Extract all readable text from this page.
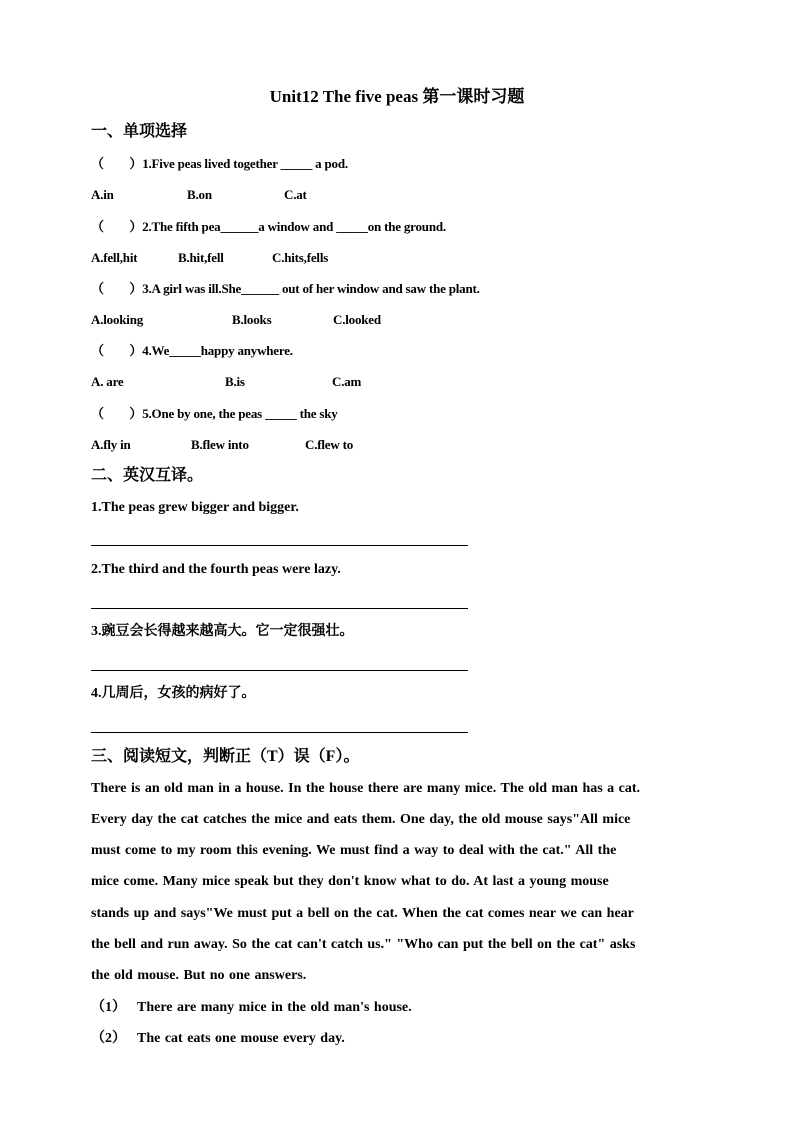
Unit12 The five peas 第一课时习题
一、单项选择
（　　）1.Five peas lived together _____ a pod.
A.in	B.on	C.at
（　　）2.The fifth pea______a window and _____on the ground.
A.fell,hit	B.hit,fell	C.hits,fells
（　　）3.A girl was ill.She______ out of her window and saw the plant.
A.looking	B.looks	C.looked
（　　）4.We_____happy anywhere.
A. are	B.is	C.am
（　　）5.One by one, the peas _____ the sky
A.fly in	B.flew into	C.flew to
二、英汉互译。
1.The peas grew bigger and bigger.
2.The third and the fourth peas were lazy.
3.豌豆会长得越来越高大。它一定很强壮。
4.几周后，女孩的病好了。
三、阅读短文，判断正（T）误（F）。
There is an old man in a house. In the house there are many mice. The old man has a cat.
Every day the cat catches the mice and eats them. One day, the old mouse says"All mice
must come to my room this evening. We must find a way to deal with the cat." All the
mice come. Many mice speak but they don't know what to do. At last a young mouse
stands up and says"We must put a bell on the cat. When the cat comes near we can hear
the bell and run away. So the cat can't catch us." "Who can put the bell on the cat" asks
the old mouse. But no one answers.
（1） There are many mice in the old man's house.
（2） The cat eats one mouse every day.
